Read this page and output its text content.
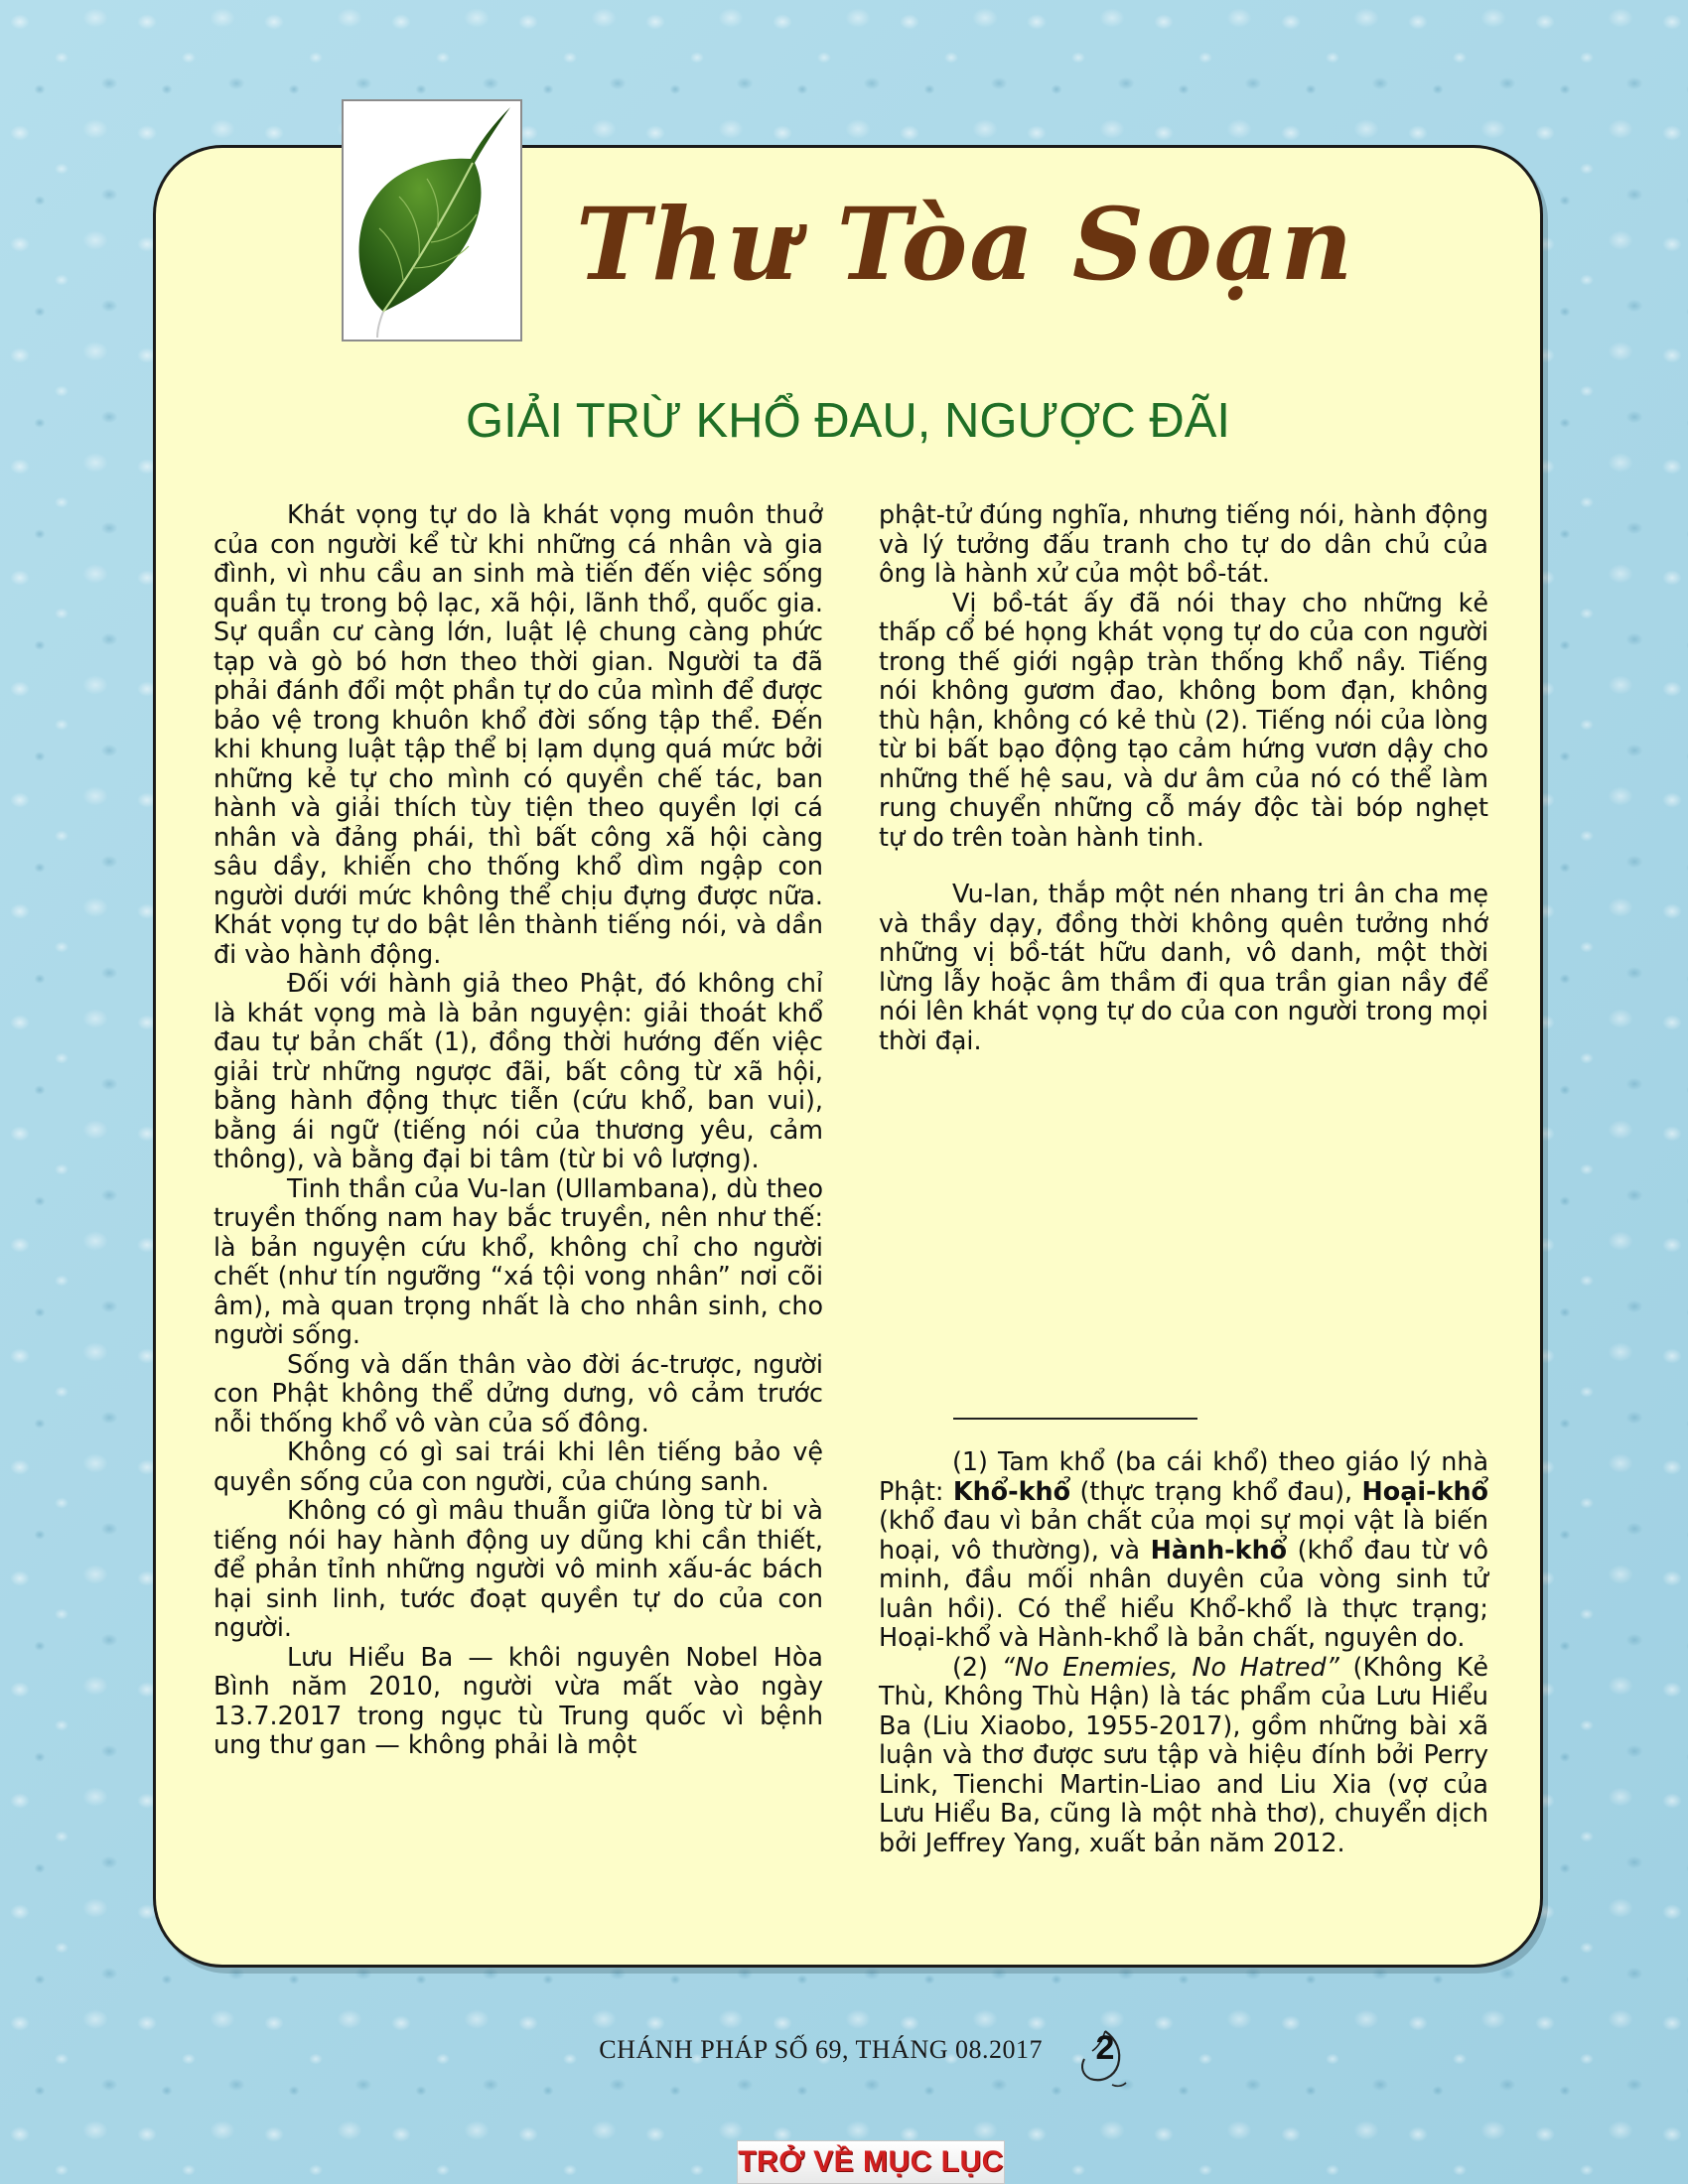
Thư Tòa Soạn
GIẢI TRỪ KHỔ ĐAU, NGƯỢC ĐÃI

Khát vọng tự do là khát vọng muôn thuở của con người kể từ khi những cá nhân và gia đình, vì nhu cầu an sinh mà tiến đến việc sống quần tụ trong bộ lạc, xã hội, lãnh thổ, quốc gia. Sự quần cư càng lớn, luật lệ chung càng phức tạp và gò bó hơn theo thời gian. Người ta đã phải đánh đổi một phần tự do của mình để được bảo vệ trong khuôn khổ đời sống tập thể. Đến khi khung luật tập thể bị lạm dụng quá mức bởi những kẻ tự cho mình có quyền chế tác, ban hành và giải thích tùy tiện theo quyền lợi cá nhân và đảng phái, thì bất công xã hội càng sâu dầy, khiến cho thống khổ dìm ngập con người dưới mức không thể chịu đựng được nữa. Khát vọng tự do bật lên thành tiếng nói, và dần đi vào hành động.

Đối với hành giả theo Phật, đó không chỉ là khát vọng mà là bản nguyện: giải thoát khổ đau tự bản chất (1), đồng thời hướng đến việc giải trừ những ngược đãi, bất công từ xã hội, bằng hành động thực tiễn (cứu khổ, ban vui), bằng ái ngữ (tiếng nói của thương yêu, cảm thông), và bằng đại bi tâm (từ bi vô lượng).

Tinh thần của Vu-lan (Ullambana), dù theo truyền thống nam hay bắc truyền, nên như thế: là bản nguyện cứu khổ, không chỉ cho người chết (như tín ngưỡng “xá tội vong nhân” nơi cõi âm), mà quan trọng nhất là cho nhân sinh, cho người sống.

Sống và dấn thân vào đời ác-trược, người con Phật không thể dửng dưng, vô cảm trước nỗi thống khổ vô vàn của số đông.

Không có gì sai trái khi lên tiếng bảo vệ quyền sống của con người, của chúng sanh.

Không có gì mâu thuẫn giữa lòng từ bi và tiếng nói hay hành động uy dũng khi cần thiết, để phản tỉnh những người vô minh xấu-ác bách hại sinh linh, tước đoạt quyền tự do của con người.

Lưu Hiểu Ba — khôi nguyên Nobel Hòa Bình năm 2010, người vừa mất vào ngày 13.7.2017 trong ngục tù Trung quốc vì bệnh ung thư gan — không phải là một

phật-tử đúng nghĩa, nhưng tiếng nói, hành động và lý tưởng đấu tranh cho tự do dân chủ của ông là hành xử của một bồ-tát.

Vị bồ-tát ấy đã nói thay cho những kẻ thấp cổ bé họng khát vọng tự do của con người trong thế giới ngập tràn thống khổ nầy. Tiếng nói không gươm đao, không bom đạn, không thù hận, không có kẻ thù (2). Tiếng nói của lòng từ bi bất bạo động tạo cảm hứng vươn dậy cho những thế hệ sau, và dư âm của nó có thể làm rung chuyển những cỗ máy độc tài bóp nghẹt tự do trên toàn hành tinh.

Vu-lan, thắp một nén nhang tri ân cha mẹ và thầy dạy, đồng thời không quên tưởng nhớ những vị bồ-tát hữu danh, vô danh, một thời lừng lẫy hoặc âm thầm đi qua trần gian nầy để nói lên khát vọng tự do của con người trong mọi thời đại.

(1) Tam khổ (ba cái khổ) theo giáo lý nhà Phật: Khổ-khổ (thực trạng khổ đau), Hoại-khổ (khổ đau vì bản chất của mọi sự mọi vật là biến hoại, vô thường), và Hành-khổ (khổ đau từ vô minh, đầu mối nhân duyên của vòng sinh tử luân hồi). Có thể hiểu Khổ-khổ là thực trạng; Hoại-khổ và Hành-khổ là bản chất, nguyên do.

(2) “No Enemies, No Hatred” (Không Kẻ Thù, Không Thù Hận) là tác phẩm của Lưu Hiểu Ba (Liu Xiaobo, 1955-2017), gồm những bài xã luận và thơ được sưu tập và hiệu đính bởi Perry Link, Tienchi Martin-Liao and Liu Xia (vợ của Lưu Hiểu Ba, cũng là một nhà thơ), chuyển dịch bởi Jeffrey Yang, xuất bản năm 2012.

CHÁNH PHÁP SỐ 69, THÁNG 08.2017	2
TRỞ VỀ MỤC LỤC
